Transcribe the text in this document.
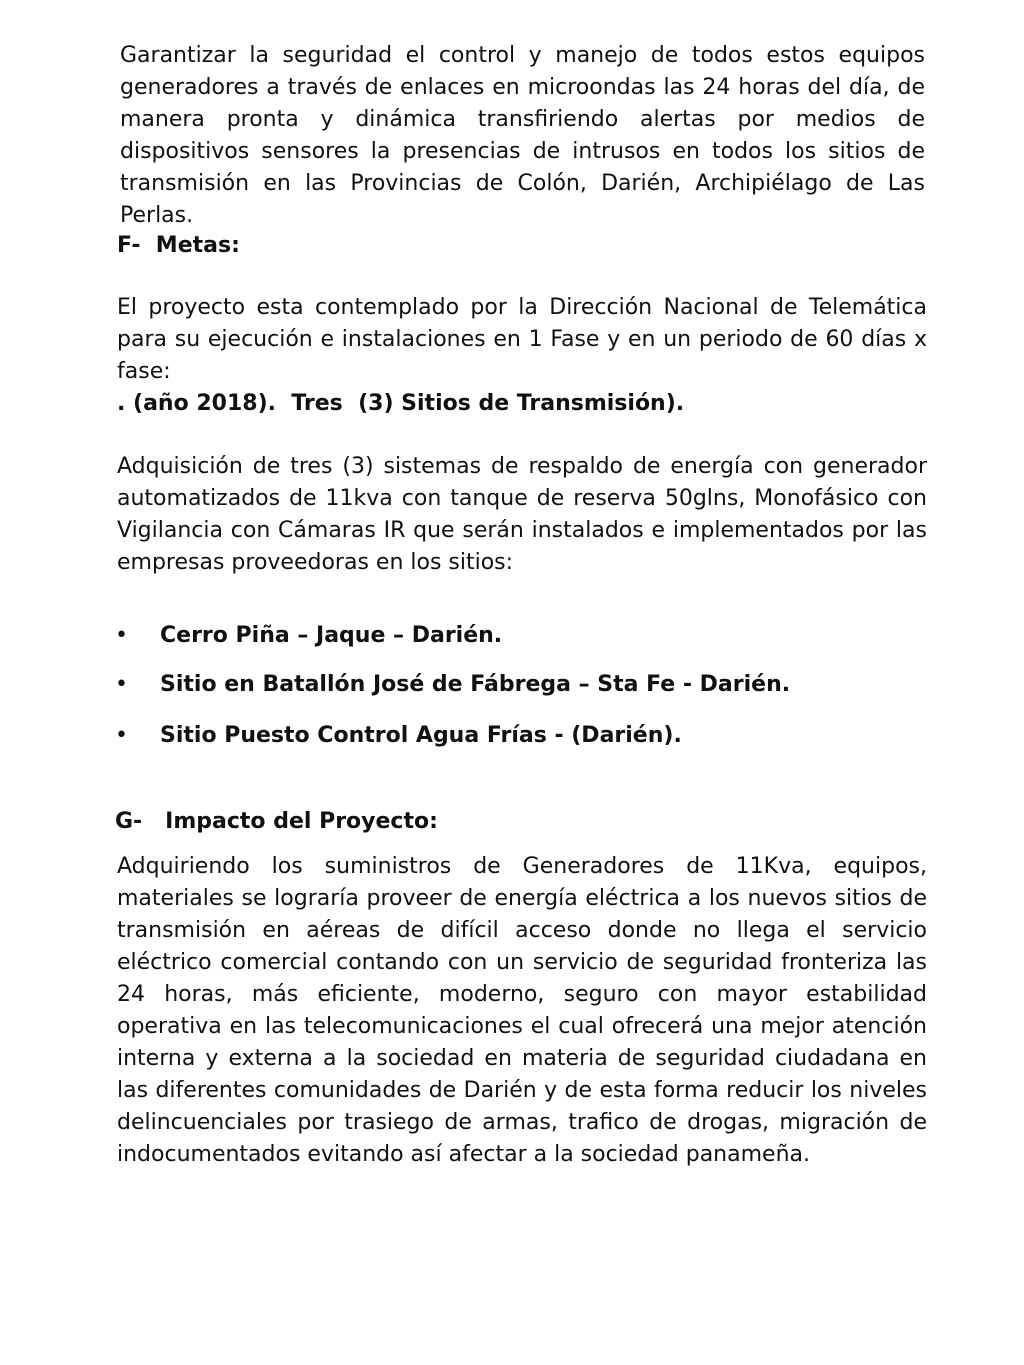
Garantizar la seguridad el control y manejo de todos estos equipos generadores a través de enlaces en microondas las 24 horas del día, de manera pronta y dinámica transfiriendo alertas por medios de dispositivos sensores la presencias de intrusos en todos los sitios de transmisión en las Provincias de Colón, Darién, Archipiélago de Las Perlas.

F-  Metas:

El proyecto esta contemplado por la Dirección Nacional de Telemática para su ejecución e instalaciones en 1 Fase y en un periodo de 60 días x fase:

. (año 2018).  Tres  (3) Sitios de Transmisión).

Adquisición de tres (3) sistemas de respaldo de energía con generador automatizados de 11kva con tanque de reserva 50glns, Monofásico con Vigilancia con Cámaras IR que serán instalados e implementados por las empresas proveedoras en los sitios:

•	Cerro Piña – Jaque – Darién.
•	Sitio en Batallón José de Fábrega – Sta Fe - Darién.
•	Sitio Puesto Control Agua Frías - (Darién).

G-   Impacto del Proyecto:

Adquiriendo los suministros de Generadores de 11Kva, equipos, materiales se lograría proveer de energía eléctrica a los nuevos sitios de transmisión en aéreas de difícil acceso donde no llega el servicio eléctrico comercial contando con un servicio de seguridad fronteriza las 24 horas, más eficiente, moderno, seguro con mayor estabilidad operativa en las telecomunicaciones el cual ofrecerá una mejor atención interna y externa a la sociedad en materia de seguridad ciudadana en las diferentes comunidades de Darién y de esta forma reducir los niveles delincuenciales por trasiego de armas, trafico de drogas, migración de indocumentados evitando así afectar a la sociedad panameña.
